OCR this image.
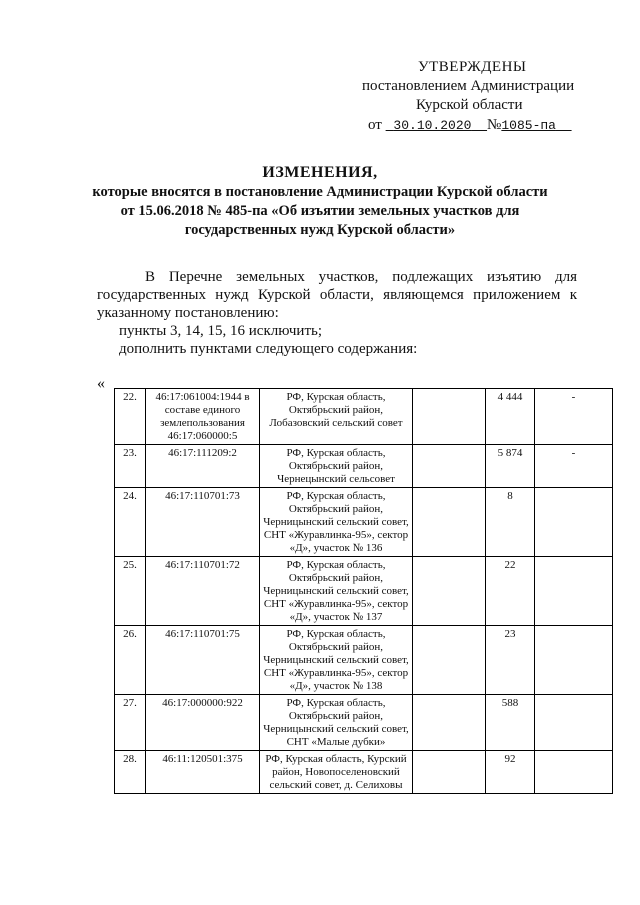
УТВЕРЖДЕНЫ
постановлением Администрации
Курской области
от 30.10.2020 №1085-па
ИЗМЕНЕНИЯ,
которые вносятся в постановление Администрации Курской области
от 15.06.2018 № 485-па «Об изъятии земельных участков для
государственных нужд Курской области»
В Перечне земельных участков, подлежащих изъятию для государственных нужд Курской области, являющемся приложением к указанному постановлению:
пункты 3, 14, 15, 16 исключить;
дополнить пунктами следующего содержания:
«
22.	46:17:061004:1944 в составе единого землепользования 46:17:060000:5	РФ, Курская область, Октябрьский район, Лобазовский сельский совет		4 444	-
23.	46:17:111209:2	РФ, Курская область, Октябрьский район, Чернецынский сельсовет		5 874	-
24.	46:17:110701:73	РФ, Курская область, Октябрьский район, Черницынский сельский совет, СНТ «Журавлинка-95», сектор «Д», участок № 136		8	
25.	46:17:110701:72	РФ, Курская область, Октябрьский район, Черницынский сельский совет, СНТ «Журавлинка-95», сектор «Д», участок № 137		22	
26.	46:17:110701:75	РФ, Курская область, Октябрьский район, Черницынский сельский совет, СНТ «Журавлинка-95», сектор «Д», участок № 138		23	
27.	46:17:000000:922	РФ, Курская область, Октябрьский район, Черницынский сельский совет, СНТ «Малые дубки»		588	
28.	46:11:120501:375	РФ, Курская область, Курский район, Новопоселеновский сельский совет, д. Селиховы		92	
